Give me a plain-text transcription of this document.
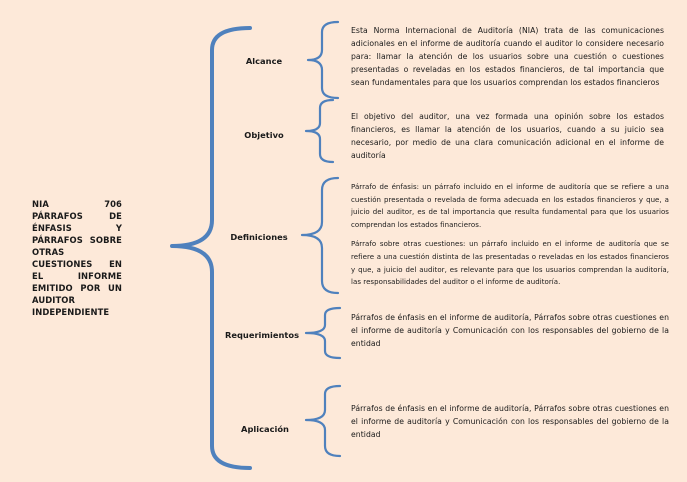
NIA 706 PÁRRAFOS DE ÉNFASIS Y PÁRRAFOS SOBRE OTRAS CUESTIONES EN EL INFORME EMITIDO POR UN AUDITOR INDEPENDIENTE
Alcance

Esta Norma Internacional de Auditoría (NIA) trata de las comunicaciones adicionales en el informe de auditoría cuando el auditor lo considere necesario para: llamar la atención de los usuarios sobre una cuestión o cuestiones presentadas o reveladas en los estados financieros, de tal importancia que sean fundamentales para que los usuarios comprendan los estados financieros

Objetivo

El objetivo del auditor, una vez formada una opinión sobre los estados financieros, es llamar la atención de los usuarios, cuando a su juicio sea necesario, por medio de una clara comunicación adicional en el informe de auditoría

Definiciones

Párrafo de énfasis: un párrafo incluido en el informe de auditoría que se refiere a una cuestión presentada o revelada de forma adecuada en los estados financieros y que, a juicio del auditor, es de tal importancia que resulta fundamental para que los usuarios comprendan los estados financieros.

Párrafo sobre otras cuestiones: un párrafo incluido en el informe de auditoría que se refiere a una cuestión distinta de las presentadas o reveladas en los estados financieros y que, a juicio del auditor, es relevante para que los usuarios comprendan la auditoría, las responsabilidades del auditor o el informe de auditoría.

Requerimientos

Párrafos de énfasis en el informe de auditoría, Párrafos sobre otras cuestiones en el informe de auditoría y Comunicación con los responsables del gobierno de la entidad

Aplicación

Párrafos de énfasis en el informe de auditoría, Párrafos sobre otras cuestiones en el informe de auditoría y Comunicación con los responsables del gobierno de la entidad
